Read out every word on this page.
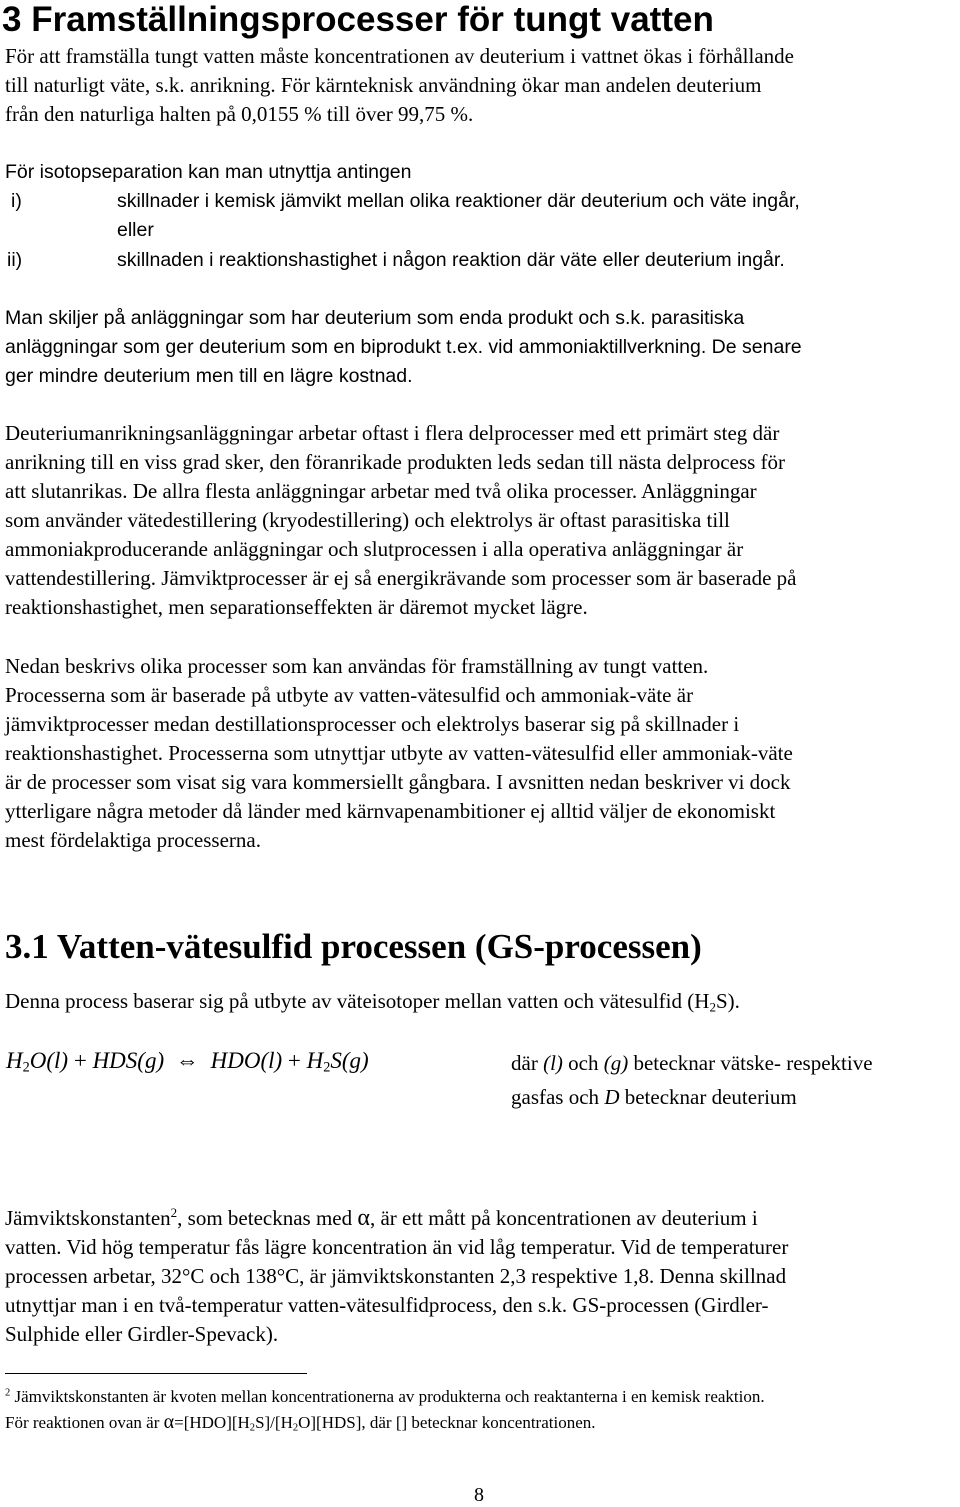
3 Framställningsprocesser för tungt vatten
För att framställa tungt vatten måste koncentrationen av deuterium i vattnet ökas i förhållande
till naturligt väte, s.k. anrikning. För kärnteknisk användning ökar man andelen deuterium
från den naturliga halten på 0,0155 % till över 99,75 %.
För isotopseparation kan man utnyttja antingen
i)	skillnader i kemisk jämvikt mellan olika reaktioner där deuterium och väte ingår,
eller
ii)	skillnaden i reaktionshastighet i någon reaktion där väte eller deuterium ingår.
Man skiljer på anläggningar som har deuterium som enda produkt och s.k. parasitiska
anläggningar som ger deuterium som en biprodukt t.ex. vid ammoniaktillverkning. De senare
ger mindre deuterium men till en lägre kostnad.
Deuteriumanrikningsanläggningar arbetar oftast i flera delprocesser med ett primärt steg där
anrikning till en viss grad sker, den föranrikade produkten leds sedan till nästa delprocess för
att slutanrikas. De allra flesta anläggningar arbetar med två olika processer. Anläggningar
som använder vätedestillering (kryodestillering) och elektrolys är oftast parasitiska till
ammoniakproducerande anläggningar och slutprocessen i alla operativa anläggningar är
vattendestillering. Jämviktprocesser är ej så energikrävande som processer som är baserade på
reaktionshastighet, men separationseffekten är däremot mycket lägre.
Nedan beskrivs olika processer som kan användas för framställning av tungt vatten.
Processerna som är baserade på utbyte av vatten-vätesulfid och ammoniak-väte är
jämviktprocesser medan destillationsprocesser och elektrolys baserar sig på skillnader i
reaktionshastighet. Processerna som utnyttjar utbyte av vatten-vätesulfid eller ammoniak-väte
är de processer som visat sig vara kommersiellt gångbara. I avsnitten nedan beskriver vi dock
ytterligare några metoder då länder med kärnvapenambitioner ej alltid väljer de ekonomiskt
mest fördelaktiga processerna.
3.1 Vatten-vätesulfid processen (GS-processen)
Denna process baserar sig på utbyte av väteisotoper mellan vatten och vätesulfid $(H_2S)$.
$H_2O(l) + HDS(g)$ ⇔ $HDO(l) + H_2S(g)$	där (l) och (g) betecknar vätske- respektive
gasfas och D betecknar deuterium
Jämviktskonstanten$^2$, som betecknas med α, är ett mått på koncentrationen av deuterium i
vatten. Vid hög temperatur fås lägre koncentration än vid låg temperatur. Vid de temperaturer
processen arbetar, 32°C och 138°C, är jämviktskonstanten 2,3 respektive 1,8. Denna skillnad
utnyttjar man i en två-temperatur vatten-vätesulfidprocess, den s.k. GS-processen (Girdler-
Sulphide eller Girdler-Spevack).
$^2$ Jämviktskonstanten är kvoten mellan koncentrationerna av produkterna och reaktanterna i en kemisk reaktion.
För reaktionen ovan är $\alpha=[HDO][H_2S]/[H_2O][HDS]$, där [] betecknar koncentrationen.
8
